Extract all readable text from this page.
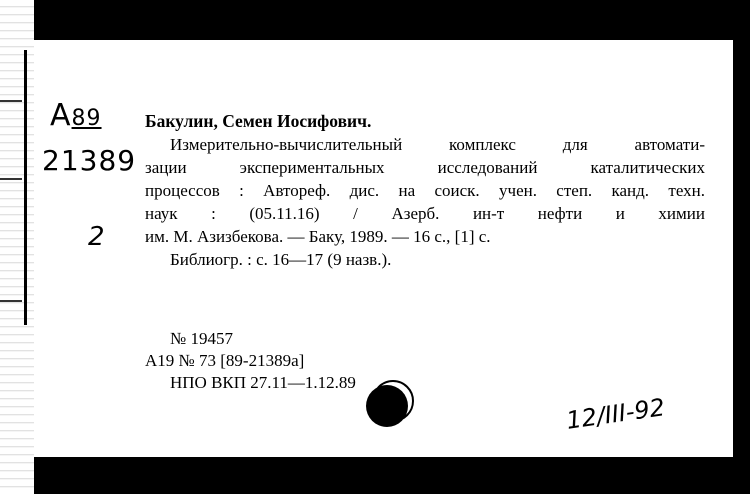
A89
21389
2
Бакулин, Семен Иосифович.
Измерительно-вычислительный комплекс для автомати-
зации экспериментальных исследований каталитических
процессов : Автореф. дис. на соиск. учен. степ. канд. техн.
наук : (05.11.16) / Азерб. ин-т нефти и химии
им. М. Азизбекова. — Баку, 1989. — 16 с., [1] с.
Библиогр. : с. 16—17 (9 назв.).
№ 19457
А19 № 73 [89-21389а]
НПО ВКП 27.11—1.12.89
12/III-92
